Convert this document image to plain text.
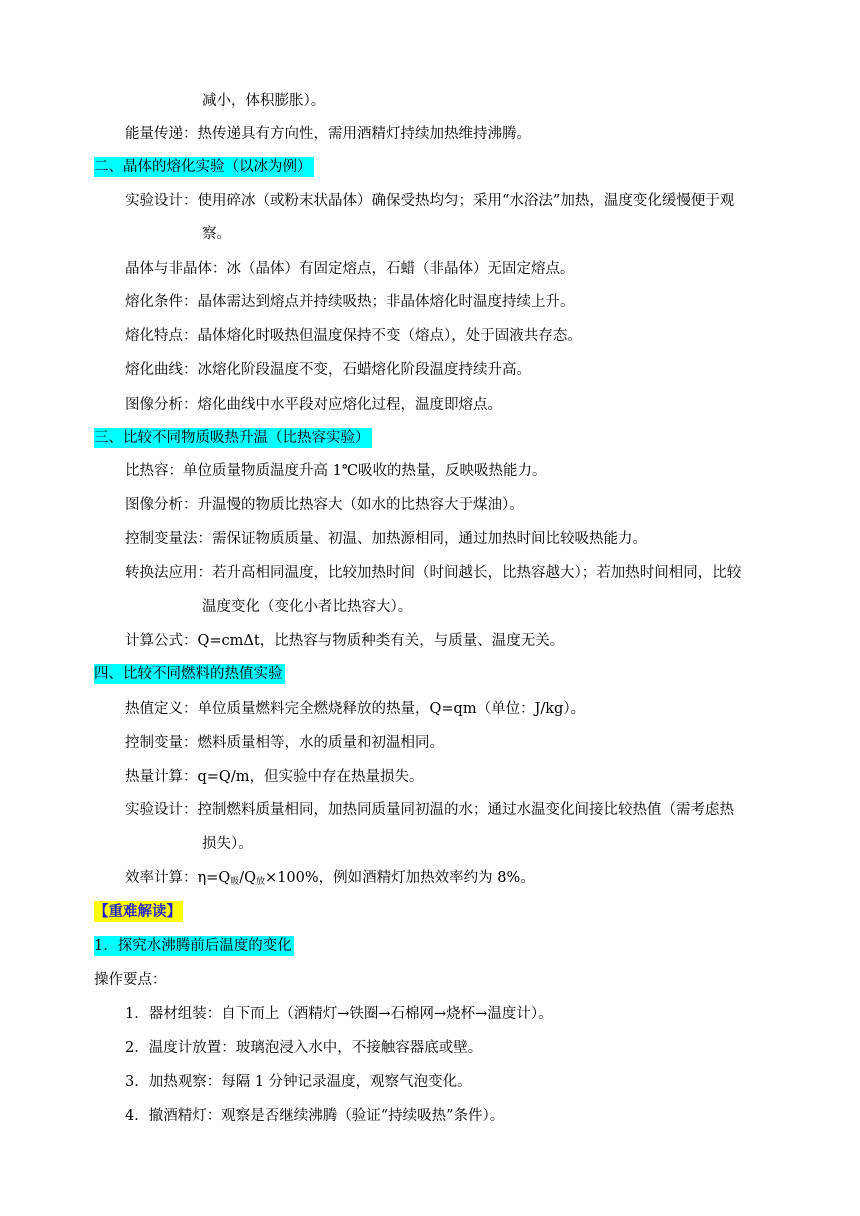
减小，体积膨胀）。
能量传递：热传递具有方向性，需用酒精灯持续加热维持沸腾。
二、晶体的熔化实验（以冰为例）
实验设计：使用碎冰（或粉末状晶体）确保受热均匀；采用“水浴法”加热，温度变化缓慢便于观
察。
晶体与非晶体：冰（晶体）有固定熔点，石蜡（非晶体）无固定熔点。
熔化条件：晶体需达到熔点并持续吸热；非晶体熔化时温度持续上升。
熔化特点：晶体熔化时吸热但温度保持不变（熔点），处于固液共存态。
熔化曲线：冰熔化阶段温度不变，石蜡熔化阶段温度持续升高。
图像分析：熔化曲线中水平段对应熔化过程，温度即熔点。
三、比较不同物质吸热升温（比热容实验）
比热容：单位质量物质温度升高 1℃吸收的热量，反映吸热能力。
图像分析：升温慢的物质比热容大（如水的比热容大于煤油）。
控制变量法：需保证物质质量、初温、加热源相同，通过加热时间比较吸热能力。
转换法应用：若升高相同温度，比较加热时间（时间越长，比热容越大）；若加热时间相同，比较
温度变化（变化小者比热容大）。
计算公式：Q=cmΔt，比热容与物质种类有关，与质量、温度无关。
四、比较不同燃料的热值实验
热值定义：单位质量燃料完全燃烧释放的热量，Q=qm（单位：J/kg）。
控制变量：燃料质量相等，水的质量和初温相同。
热量计算：q=Q/m，但实验中存在热量损失。
实验设计：控制燃料质量相同，加热同质量同初温的水；通过水温变化间接比较热值（需考虑热
损失）。
效率计算：$\eta=Q_吸/Q_放\times 100\%$，例如酒精灯加热效率约为 8%。
【重难解读】
1．探究水沸腾前后温度的变化
操作要点：
1．器材组装：自下而上（酒精灯→铁圈→石棉网→烧杯→温度计）。
2．温度计放置：玻璃泡浸入水中，不接触容器底或壁。
3．加热观察：每隔 1 分钟记录温度，观察气泡变化。
4．撤酒精灯：观察是否继续沸腾（验证“持续吸热”条件）。
